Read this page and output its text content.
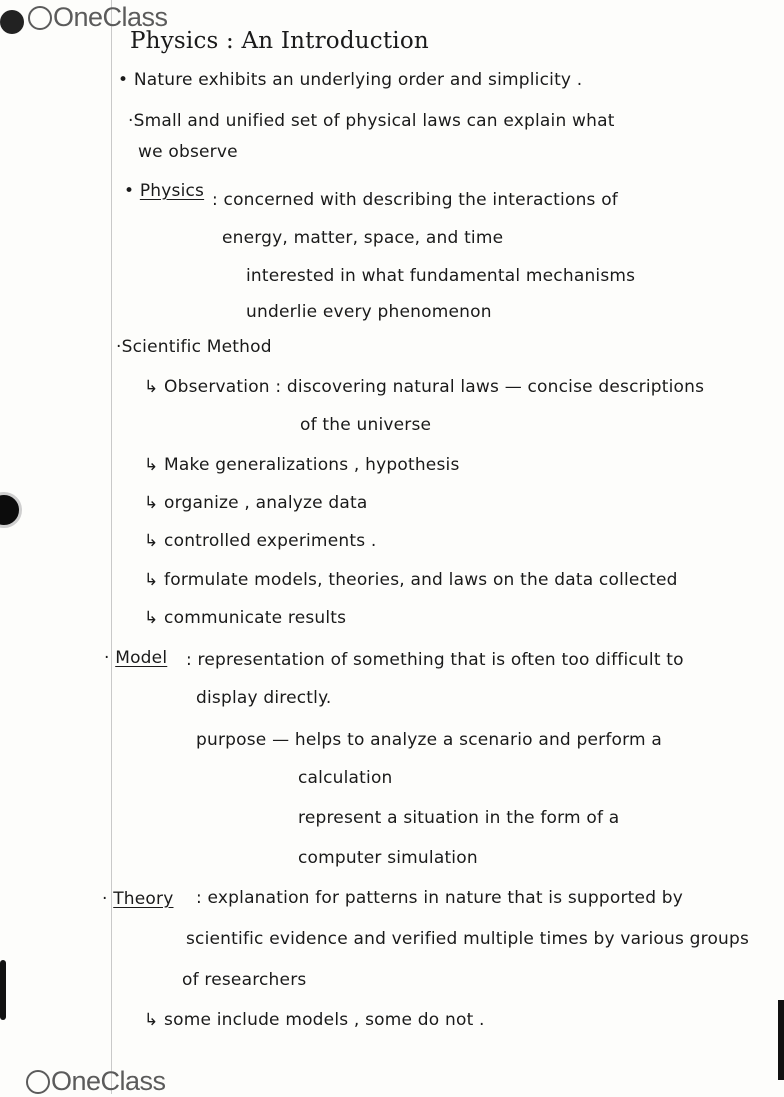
OneClass
Physics : An Introduction
• Nature exhibits an underlying order and simplicity .
·Small and unified set of physical laws can explain what
we observe
• Physics : concerned with describing the interactions of
energy, matter, space, and time
interested in what fundamental mechanisms
underlie every phenomenon
·Scientific Method
↳ Observation : discovering natural laws — concise descriptions
of the universe
↳ Make generalizations , hypothesis
↳ organize , analyze data
↳ controlled experiments .
↳ formulate models, theories, and laws on the data collected
↳ communicate results
· Model : representation of something that is often too difficult to
display directly.
purpose — helps to analyze a scenario and perform a
calculation
represent a situation in the form of a
computer simulation
· Theory : explanation for patterns in nature that is supported by
scientific evidence and verified multiple times by various groups
of researchers
↳ some include models , some do not .
OneClass
